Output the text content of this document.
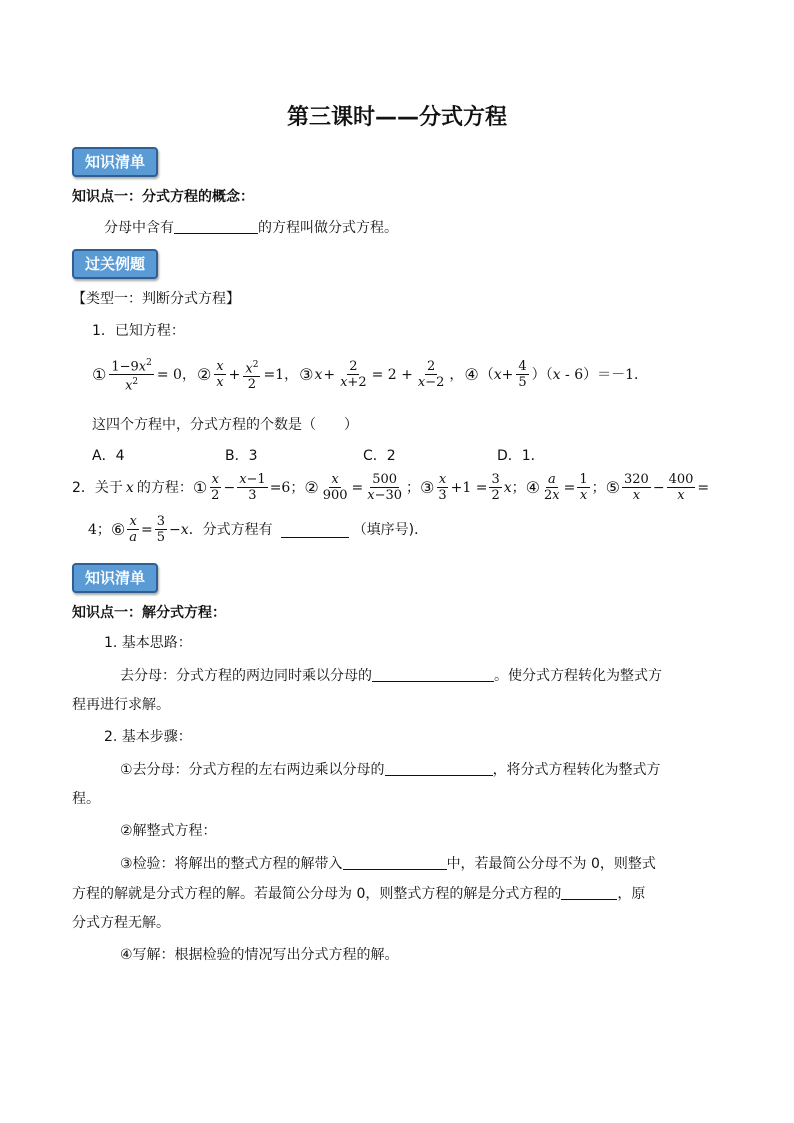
第三课时——分式方程
知识清单
知识点一：分式方程的概念：
分母中含有	的方程叫做分式方程。
过关例题
【类型一：判断分式方程】
1．已知方程：
① $\frac{1-9x^2}{x^2} = 0$， ② $\frac{x}{x} + \frac{x^2}{2} =1$， ③ $x + \frac{2}{x+2} = 2 + \frac{2}{x-2}$ ， ④ $(x+ \frac{4}{5} )(x - 6)=-1$．
这四个方程中，分式方程的个数是（　　）
A．4	B．3	C．2	D．1．
2．关于 x 的方程： ① $\frac{x}{2} - \frac{x-1}{3} =6$； ② $\frac{x}{900} = \frac{500}{x-30}$ ； ③ $\frac{x}{3} +1 = \frac{3}{2}$ x ； ④ $\frac{a}{2x} = \frac{1}{x}$ ； ⑤ $\frac{320}{x} - \frac{400}{x}$ =
4； ⑥ $\frac{x}{a} = \frac{3}{5} - x$ ．分式方程有	（填序号)．
知识清单
知识点一：解分式方程：
1. 基本思路：
去分母：分式方程的两边同时乘以分母的	。使分式方程转化为整式方
程再进行求解。
2. 基本步骤：
①去分母：分式方程的左右两边乘以分母的	，将分式方程转化为整式方
程。
②解整式方程：
③检验：将解出的整式方程的解带入	中，若最简公分母不为 0，则整式
方程的解就是分式方程的解。若最简公分母为 0，则整式方程的解是分式方程的	，原
分式方程无解。
④写解：根据检验的情况写出分式方程的解。
